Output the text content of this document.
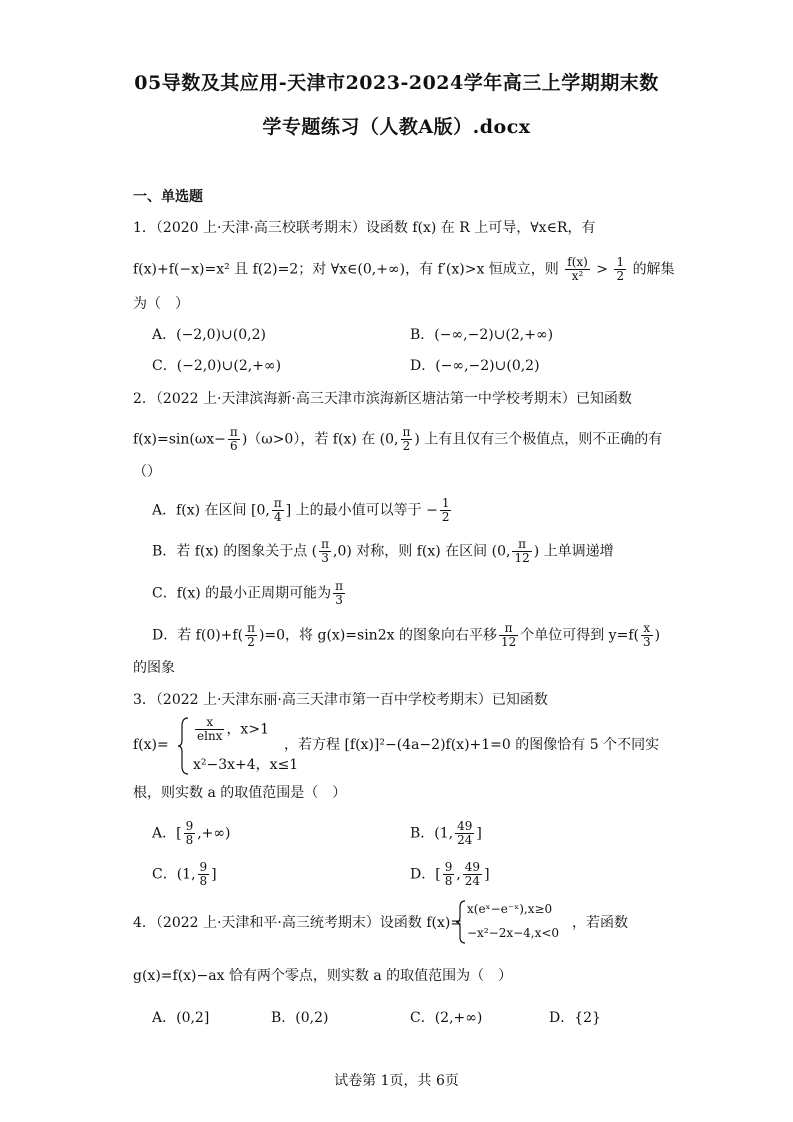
05导数及其应用-天津市2023-2024学年高三上学期期末数
学专题练习（人教A版）.docx
一、单选题
1．（2020 上·天津·高三校联考期末）设函数 f(x) 在 R 上可导，∀x∈R，有
f(x)+f(−x)=x² 且 f(2)=2；对 ∀x∈(0,+∞)，有 f′(x)>x 恒成立，则 $\frac{f(x)}{\text{x²}} > \frac{1}{2}$ 的解集
为（　）
A．(−2,0)∪(0,2)	B．(−∞,−2)∪(2,+∞)
C．(−2,0)∪(2,+∞)	D．(−∞,−2)∪(0,2)
2．（2022 上·天津滨海新·高三天津市滨海新区塘沽第一中学校考期末）已知函数
$f(x)=\sin(\omega x- \frac{\pi}{6} )(\omega>0)$，若 f(x) 在 (0, $\frac{\pi}{2}$ ) 上有且仅有三个极值点，则不正确的有
（）
A．f(x) 在区间 [0, $\frac{\pi}{4}$ ] 上的最小值可以等于 − $\frac{1}{2}$
B．若 f(x) 的图象关于点 ( $\frac{\pi}{3} ,0$) 对称，则 f(x) 在区间 (0, $\frac{\pi}{12}$ ) 上单调递增
C．f(x) 的最小正周期可能为 $\frac{\pi}{3}$
D．若 $f(0)+f( \frac{\pi}{2} )=0$，将 g(x)=sin2x 的图象向右平移 $\frac{\pi}{12}$ 个单位可得到 $y=f( \frac{x}{3}$ )
的图象
3．（2022 上·天津东丽·高三天津市第一百中学校考期末）已知函数
f(x)=
$\frac{x}{elnx}$ ，x>1
x²−3x+4，x≤1
，若方程 [f(x)]²−(4a−2)f(x)+1=0 的图像恰有 5 个不同实
根，则实数 a 的取值范围是（　）
A．[ $\frac{9}{8}$ ,+∞)	B．(1, $\frac{49}{24}$ ]
C．(1, $\frac{9}{8}$ ]	D．[ $\frac{9}{8}$ , $\frac{49}{24}$ ]
4．（2022 上·天津和平·高三统考期末）设函数 f(x)=
x(eˣ−e⁻ˣ),x≥0
−x²−2x−4,x<0
，若函数
g(x)=f(x)−ax 恰有两个零点，则实数 a 的取值范围为（　）
A．(0,2]	B．(0,2)	C．(2,+∞)	D．{2}
试卷第 1页，共 6页
